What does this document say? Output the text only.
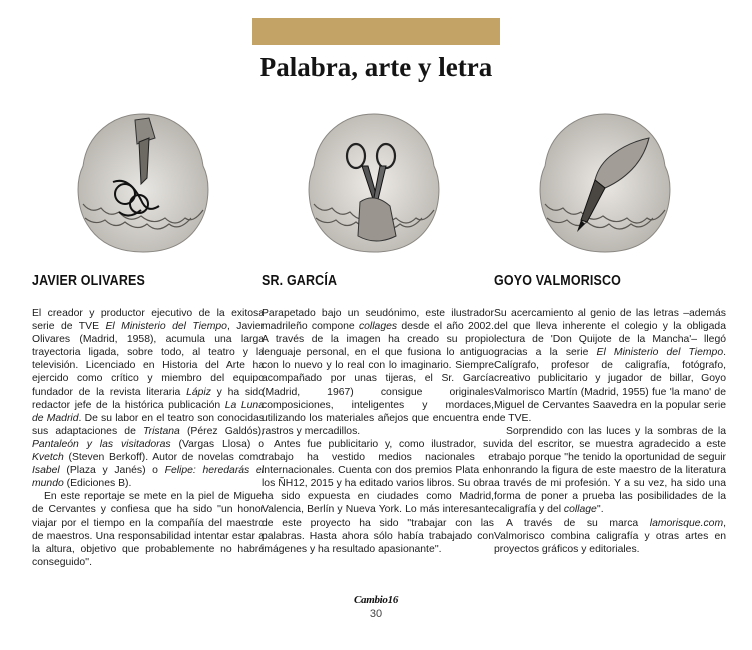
Palabra, arte y letra
JAVIER OLIVARES

El creador y productor ejecutivo de la exitosa serie de TVE El Ministerio del Tiempo, Javier Olivares (Madrid, 1958), acumula una larga trayectoria ligada, sobre todo, al teatro y la televisión. Licenciado en Historia del Arte ha ejercido como crítico y miembro del equipo fundador de la revista literaria Lápiz y ha sido redactor jefe de la histórica publicación La Luna de Madrid. De su labor en el teatro son conocidas sus adaptaciones de Tristana (Pérez Galdós), Pantaleón y las visitadoras (Vargas Llosa) o Kvetch (Steven Berkoff). Autor de novelas como Isabel (Plaza y Janés) o Felipe: heredarás el mundo (Ediciones B).

En este reportaje se mete en la piel de Miguel de Cervantes y confiesa que ha sido ''un honor viajar por el tiempo en la compañía del maestro de maestros. Una responsabilidad intentar estar a la altura, objetivo que probablemente no habré conseguido''.

SR. GARCÍA

Parapetado bajo un seudónimo, este ilustrador madrileño compone collages desde el año 2002. A través de la imagen ha creado su propio lenguaje personal, en el que fusiona lo antiguo con lo nuevo y lo real con lo imaginario. Siempre acompañado por unas tijeras, el Sr. García (Madrid, 1967) consigue originales composiciones, inteligentes y mordaces, utilizando los materiales añejos que encuentra en rastros y mercadillos.

Antes fue publicitario y, como ilustrador, su trabajo ha vestido medios nacionales e internacionales. Cuenta con dos premios Plata en los ÑH12, 2015 y ha editado varios libros. Su obra ha sido expuesta en ciudades como Madrid, Valencia, Berlín y Nueva York. Lo más interesante de este proyecto ha sido ''trabajar con las palabras. Hasta ahora sólo había trabajado con imágenes y ha resultado apasionante''.

GOYO VALMORISCO

Su acercamiento al genio de las letras –además del que lleva inherente el colegio y la obligada lectura de 'Don Quijote de la Mancha'– llegó gracias a la serie El Ministerio del Tiempo. Calígrafo, profesor de caligrafía, fotógrafo, creativo publicitario y jugador de billar, Goyo Valmorisco Martín (Madrid, 1955) fue 'la mano' de Miguel de Cervantes Saavedra en la popular serie de TVE.

Sorprendido con las luces y la sombras de la vida del escritor, se muestra agradecido a este trabajo porque ''he tenido la oportunidad de seguir honrando la figura de este maestro de la literatura a través de mi profesión. Y a su vez, ha sido una forma de poner a prueba las posibilidades de la caligrafía y del collage''.

A través de su marca lamorisque.com, Valmorisco combina caligrafía y otras artes en proyectos gráficos y editoriales.

Cambio16
30
